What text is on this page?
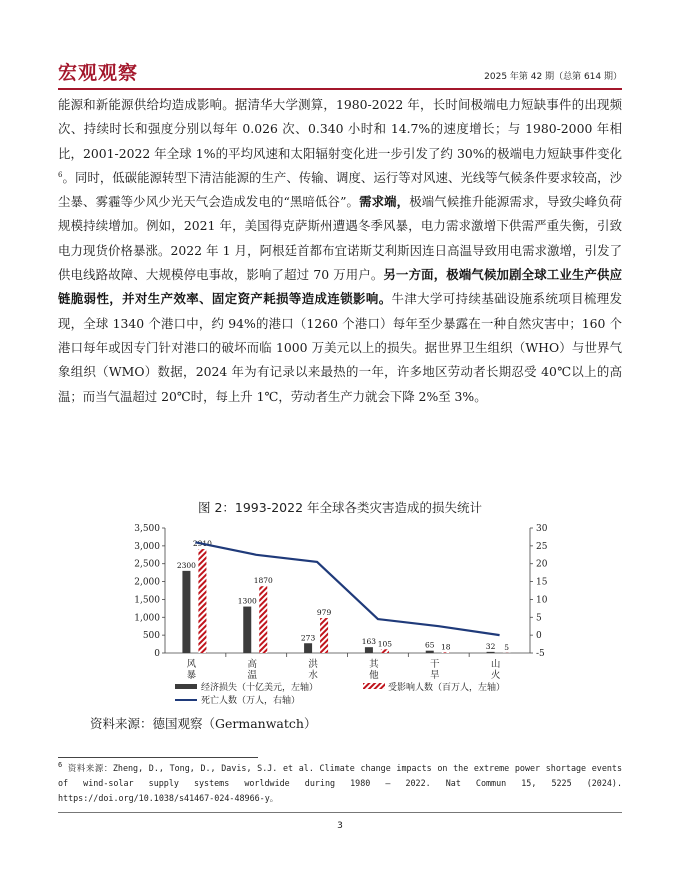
宏观观察	2025 年第 42 期（总第 614 期）

能源和新能源供给均造成影响。据清华大学测算，1980-2022 年，长时间极端电力短缺事件的出现频次、持续时长和强度分别以每年 0.026 次、0.340 小时和 14.7%的速度增长；与 1980-2000 年相比，2001-2022 年全球 1%的平均风速和太阳辐射变化进一步引发了约 30%的极端电力短缺事件变化$^6$。同时，低碳能源转型下清洁能源的生产、传输、调度、运行等对风速、光线等气候条件要求较高，沙尘暴、雾霾等少风少光天气会造成发电的“黑暗低谷”。需求端，极端气候推升能源需求，导致尖峰负荷规模持续增加。例如，2021 年，美国得克萨斯州遭遇冬季风暴，电力需求激增下供需严重失衡，引致电力现货价格暴涨。2022 年 1 月，阿根廷首都布宜诺斯艾利斯因连日高温导致用电需求激增，引发了供电线路故障、大规模停电事故，影响了超过 70 万用户。另一方面，极端气候加剧全球工业生产供应链脆弱性，并对生产效率、固定资产耗损等造成连锁影响。牛津大学可持续基础设施系统项目梳理发现，全球 1340 个港口中，约 94%的港口（1260 个港口）每年至少暴露在一种自然灾害中；160 个港口每年或因专门针对港口的破坏而临 1000 万美元以上的损失。据世界卫生组织（WHO）与世界气象组织（WMO）数据，2024 年为有记录以来最热的一年，许多地区劳动者长期忍受 40℃以上的高温；而当气温超过 20℃时，每上升 1℃，劳动者生产力就会下降 2%至 3%。

图 2：1993-2022 年全球各类灾害造成的损失统计
0
500
1,000
1,500
2,000
2,500
3,000
3,500
-5
0
5
10
15
20
25
30
风
暴
2300
2910
高
温
1300
1870
洪
水
273
979
其
他
163 105
干
旱
65 18
山
火
32 5
经济损失（十亿美元，左轴）	受影响人数（百万人，左轴）
死亡人数（万人，右轴）
资料来源：德国观察（Germanwatch）
$^6$ 资料来源：Zheng, D., Tong, D., Davis, S.J. et al. Climate change impacts on the extreme power shortage events of wind-solar supply systems worldwide during 1980 – 2022. Nat Commun 15, 5225 (2024). https://doi.org/10.1038/s41467-024-48966-y。
3
